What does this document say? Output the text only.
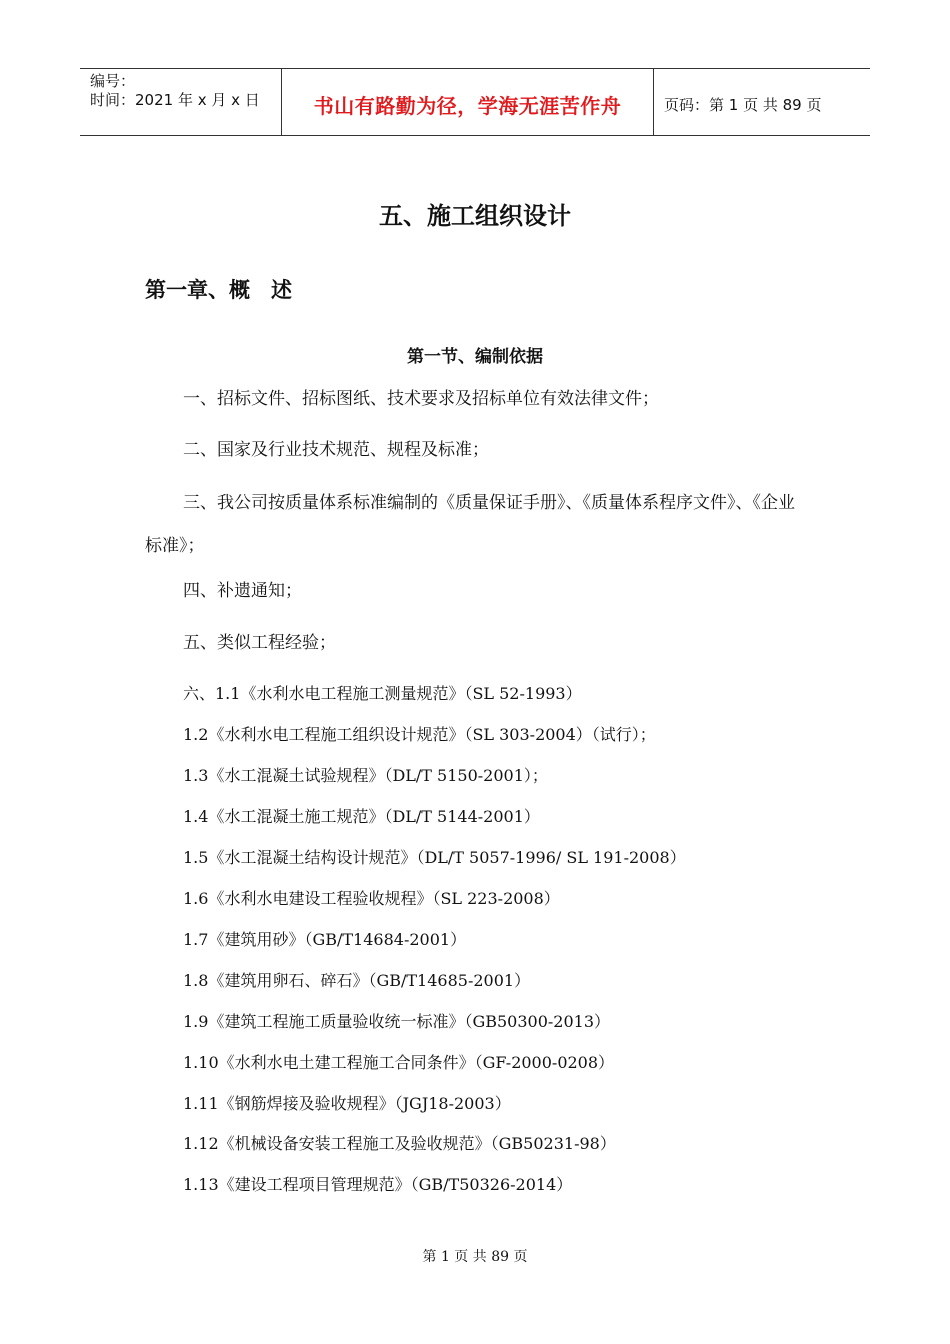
编号：
时间：2021 年 x 月 x 日	书山有路勤为径，学海无涯苦作舟	页码：第 1 页 共 89 页
五、施工组织设计
第一章、概　述
第一节、编制依据
一、招标文件、招标图纸、技术要求及招标单位有效法律文件；
二、国家及行业技术规范、规程及标准；
三、我公司按质量体系标准编制的《质量保证手册》、《质量体系程序文件》、《企业标准》；
四、补遗通知；
五、类似工程经验；
六、1.1《水利水电工程施工测量规范》（SL 52-1993）
1.2《水利水电工程施工组织设计规范》（SL 303-2004）（试行）；
1.3《水工混凝土试验规程》（DL/T 5150-2001）；
1.4《水工混凝土施工规范》（DL/T 5144-2001）
1.5《水工混凝土结构设计规范》（DL/T 5057-1996/ SL 191-2008）
1.6《水利水电建设工程验收规程》（SL 223-2008）
1.7《建筑用砂》（GB/T14684-2001）
1.8《建筑用卵石、碎石》（GB/T14685-2001）
1.9《建筑工程施工质量验收统一标准》（GB50300-2013）
1.10《水利水电土建工程施工合同条件》（GF-2000-0208）
1.11《钢筋焊接及验收规程》（JGJ18-2003）
1.12《机械设备安装工程施工及验收规范》（GB50231-98）
1.13《建设工程项目管理规范》（GB/T50326-2014）
第 1 页 共 89 页
